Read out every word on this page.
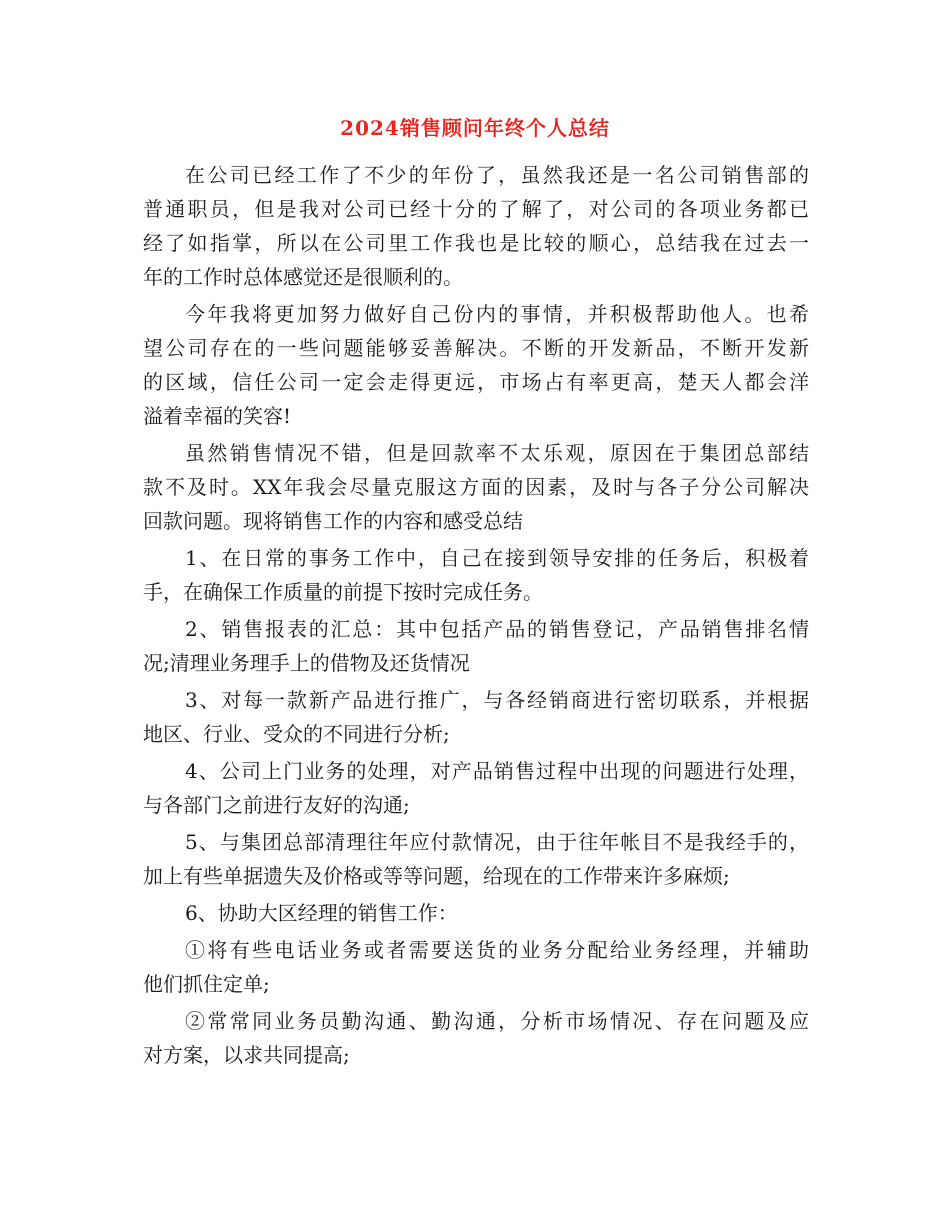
2024销售顾问年终个人总结
在公司已经工作了不少的年份了，虽然我还是一名公司销售部的
普通职员，但是我对公司已经十分的了解了，对公司的各项业务都已
经了如指掌，所以在公司里工作我也是比较的顺心，总结我在过去一
年的工作时总体感觉还是很顺利的。
今年我将更加努力做好自己份内的事情，并积极帮助他人。也希
望公司存在的一些问题能够妥善解决。不断的开发新品，不断开发新
的区域，信任公司一定会走得更远，市场占有率更高，楚天人都会洋
溢着幸福的笑容!
虽然销售情况不错，但是回款率不太乐观，原因在于集团总部结
款不及时。XX年我会尽量克服这方面的因素，及时与各子分公司解决
回款问题。现将销售工作的内容和感受总结
1、在日常的事务工作中，自己在接到领导安排的任务后，积极着
手，在确保工作质量的前提下按时完成任务。
2、销售报表的汇总：其中包括产品的销售登记，产品销售排名情
况;清理业务理手上的借物及还货情况
3、对每一款新产品进行推广，与各经销商进行密切联系，并根据
地区、行业、受众的不同进行分析;
4、公司上门业务的处理，对产品销售过程中出现的问题进行处理，
与各部门之前进行友好的沟通;
5、与集团总部清理往年应付款情况，由于往年帐目不是我经手的，
加上有些单据遗失及价格或等等问题，给现在的工作带来许多麻烦;
6、协助大区经理的销售工作：
①将有些电话业务或者需要送货的业务分配给业务经理，并辅助
他们抓住定单;
②常常同业务员勤沟通、勤沟通，分析市场情况、存在问题及应
对方案，以求共同提高;
